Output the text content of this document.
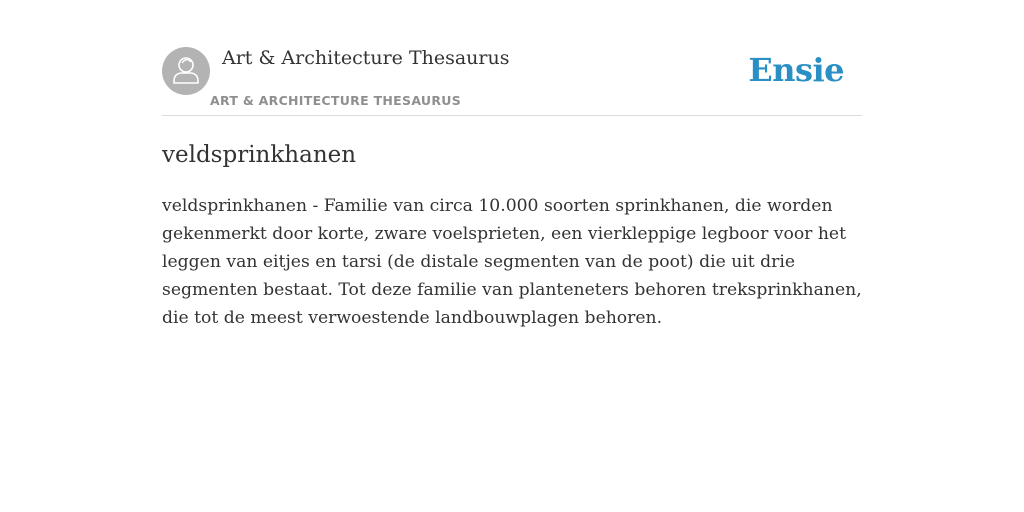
Art & Architecture Thesaurus
ART & ARCHITECTURE THESAURUS
Ensie
veldsprinkhanen

veldsprinkhanen - Familie van circa 10.000 soorten sprinkhanen, die worden gekenmerkt door korte, zware voelsprieten, een vierkleppige legboor voor het leggen van eitjes en tarsi (de distale segmenten van de poot) die uit drie segmenten bestaat. Tot deze familie van planteneters behoren treksprinkhanen, die tot de meest verwoestende landbouwplagen behoren.
